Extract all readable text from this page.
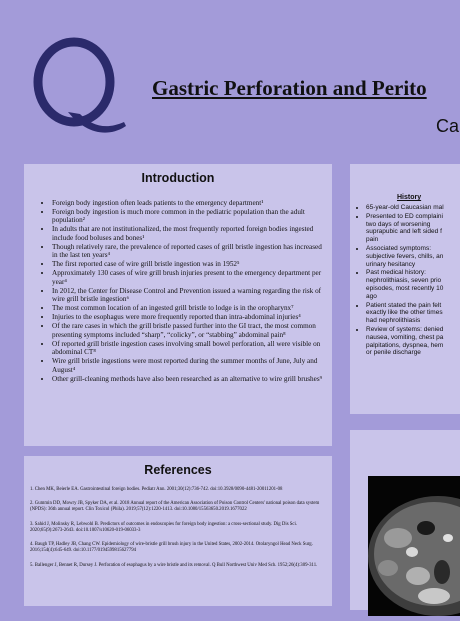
Gastric Perforation and Perito
Ca
Introduction
• Foreign body ingestion often leads patients to the emergency department¹
• Foreign body ingestion is much more common in the pediatric population than the adult population²
• In adults that are not institutionalized, the most frequently reported foreign bodies ingested include food boluses and bones¹
• Though relatively rare, the prevalence of reported cases of grill bristle ingestion has increased in the last ten years⁴
• The first reported case of wire grill bristle ingestion was in 1952⁵
• Approximately 130 cases of wire grill brush injuries present to the emergency department per year⁴
• In 2012, the Center for Disease Control and Prevention issued a warning regarding the risk of wire grill bristle ingestion⁶
• The most common location of an ingested grill bristle to lodge is in the oropharynx⁷
• Injuries to the esophagus were more frequently reported than intra-abdominal injuries⁴
• Of the rare cases in which the grill bristle passed further into the GI tract, the most common presenting symptoms included “sharp”, “colicky”, or “stabbing” abdominal pain⁸
• Of reported grill bristle ingestion cases involving small bowel perforation, all were visible on abdominal CT⁸
• Wire grill bristle ingestions were most reported during the summer months of June, July and August⁴
• Other grill-cleaning methods have also been researched as an alternative to wire grill brushes⁹
References
1. Chen MK, Beierle EA. Gastrointestinal foreign bodies. Pediatr Ann. 2001;30(12):736-742. doi:10.3928/0090-4481-20011201-08
2. Gummin DD, Mowry JB, Spyker DA, et al. 2018 Annual report of the American Association of Poison Control Centers' national poison data system (NPDS): 36th annual report. Clin Toxicol (Phila). 2019;57(12):1220-1413. doi:10.1080/15563650.2019.1677022
3. Sahid J, Molinsky R, Lebwohl B. Predictors of outcomes in endoscopies for foreign body ingestion: a cross-sectional study. Dig Dis Sci. 2020;65(9):2673-2643. doi:10.1007/s10620-019-06033-3
4. Baugh TP, Hadley JB, Chang CW. Epidemiology of wire-bristle grill brush injury in the United States, 2002-2014. Otolaryngol Head Neck Surg. 2016;154(4):645-649. doi:10.1177/0194599815627794
5. Ballenger J, Bennet R, Dursey J. Perforation of esophagus by a wire bristle and its removal. Q Bull Northwest Univ Med Sch. 1952;26(4):309-311.
History
• 65-year-old Caucasian mal
• Presented to ED complaini
two days of worsening
suprapubic and left sided f
pain
• Associated symptoms:
subjective fevers, chills, an
urinary hesitancy
• Past medical history:
nephrolithiasis, seven prio
episodes, most recently 10
ago
• Patient stated the pain felt
exactly like the other times
had nephrolithiasis
• Review of systems: denied
nausea, vomiting, chest pa
palpitations, dyspnea, hem
or penile discharge
